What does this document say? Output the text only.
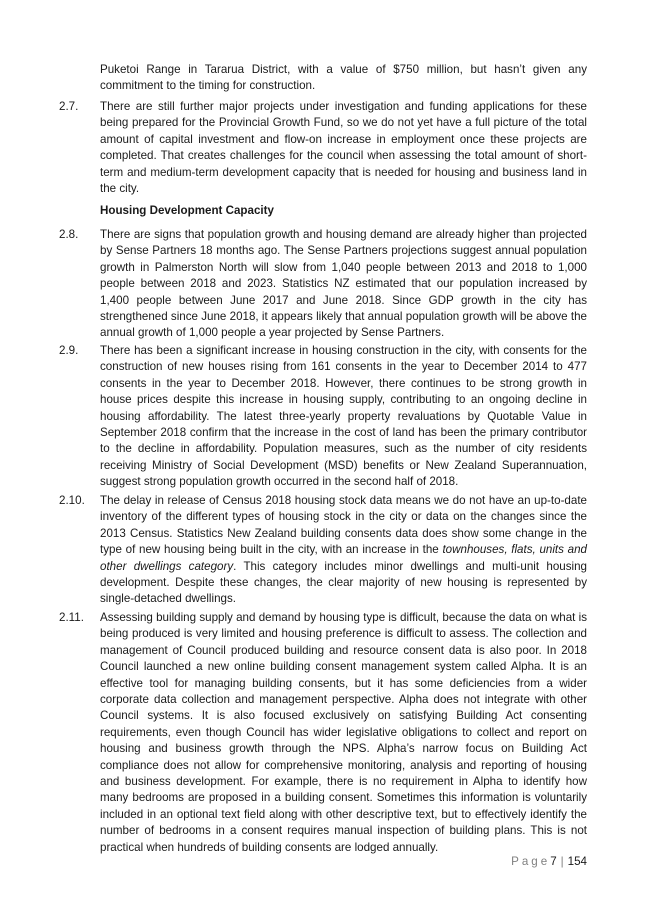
Puketoi Range in Tararua District, with a value of $750 million, but hasn’t given any commitment to the timing for construction.
2.7.	There are still further major projects under investigation and funding applications for these being prepared for the Provincial Growth Fund, so we do not yet have a full picture of the total amount of capital investment and flow-on increase in employment once these projects are completed. That creates challenges for the council when assessing the total amount of short-term and medium-term development capacity that is needed for housing and business land in the city.
Housing Development Capacity
2.8.	There are signs that population growth and housing demand are already higher than projected by Sense Partners 18 months ago. The Sense Partners projections suggest annual population growth in Palmerston North will slow from 1,040 people between 2013 and 2018 to 1,000 people between 2018 and 2023. Statistics NZ estimated that our population increased by 1,400 people between June 2017 and June 2018. Since GDP growth in the city has strengthened since June 2018, it appears likely that annual population growth will be above the annual growth of 1,000 people a year projected by Sense Partners.
2.9.	There has been a significant increase in housing construction in the city, with consents for the construction of new houses rising from 161 consents in the year to December 2014 to 477 consents in the year to December 2018. However, there continues to be strong growth in house prices despite this increase in housing supply, contributing to an ongoing decline in housing affordability. The latest three-yearly property revaluations by Quotable Value in September 2018 confirm that the increase in the cost of land has been the primary contributor to the decline in affordability. Population measures, such as the number of city residents receiving Ministry of Social Development (MSD) benefits or New Zealand Superannuation, suggest strong population growth occurred in the second half of 2018.
2.10.	The delay in release of Census 2018 housing stock data means we do not have an up-to-date inventory of the different types of housing stock in the city or data on the changes since the 2013 Census. Statistics New Zealand building consents data does show some change in the type of new housing being built in the city, with an increase in the townhouses, flats, units and other dwellings category. This category includes minor dwellings and multi-unit housing development. Despite these changes, the clear majority of new housing is represented by single-detached dwellings.
2.11.	Assessing building supply and demand by housing type is difficult, because the data on what is being produced is very limited and housing preference is difficult to assess. The collection and management of Council produced building and resource consent data is also poor. In 2018 Council launched a new online building consent management system called Alpha. It is an effective tool for managing building consents, but it has some deficiencies from a wider corporate data collection and management perspective. Alpha does not integrate with other Council systems. It is also focused exclusively on satisfying Building Act consenting requirements, even though Council has wider legislative obligations to collect and report on housing and business growth through the NPS. Alpha’s narrow focus on Building Act compliance does not allow for comprehensive monitoring, analysis and reporting of housing and business development. For example, there is no requirement in Alpha to identify how many bedrooms are proposed in a building consent. Sometimes this information is voluntarily included in an optional text field along with other descriptive text, but to effectively identify the number of bedrooms in a consent requires manual inspection of building plans. This is not practical when hundreds of building consents are lodged annually.
Page7 | 154
